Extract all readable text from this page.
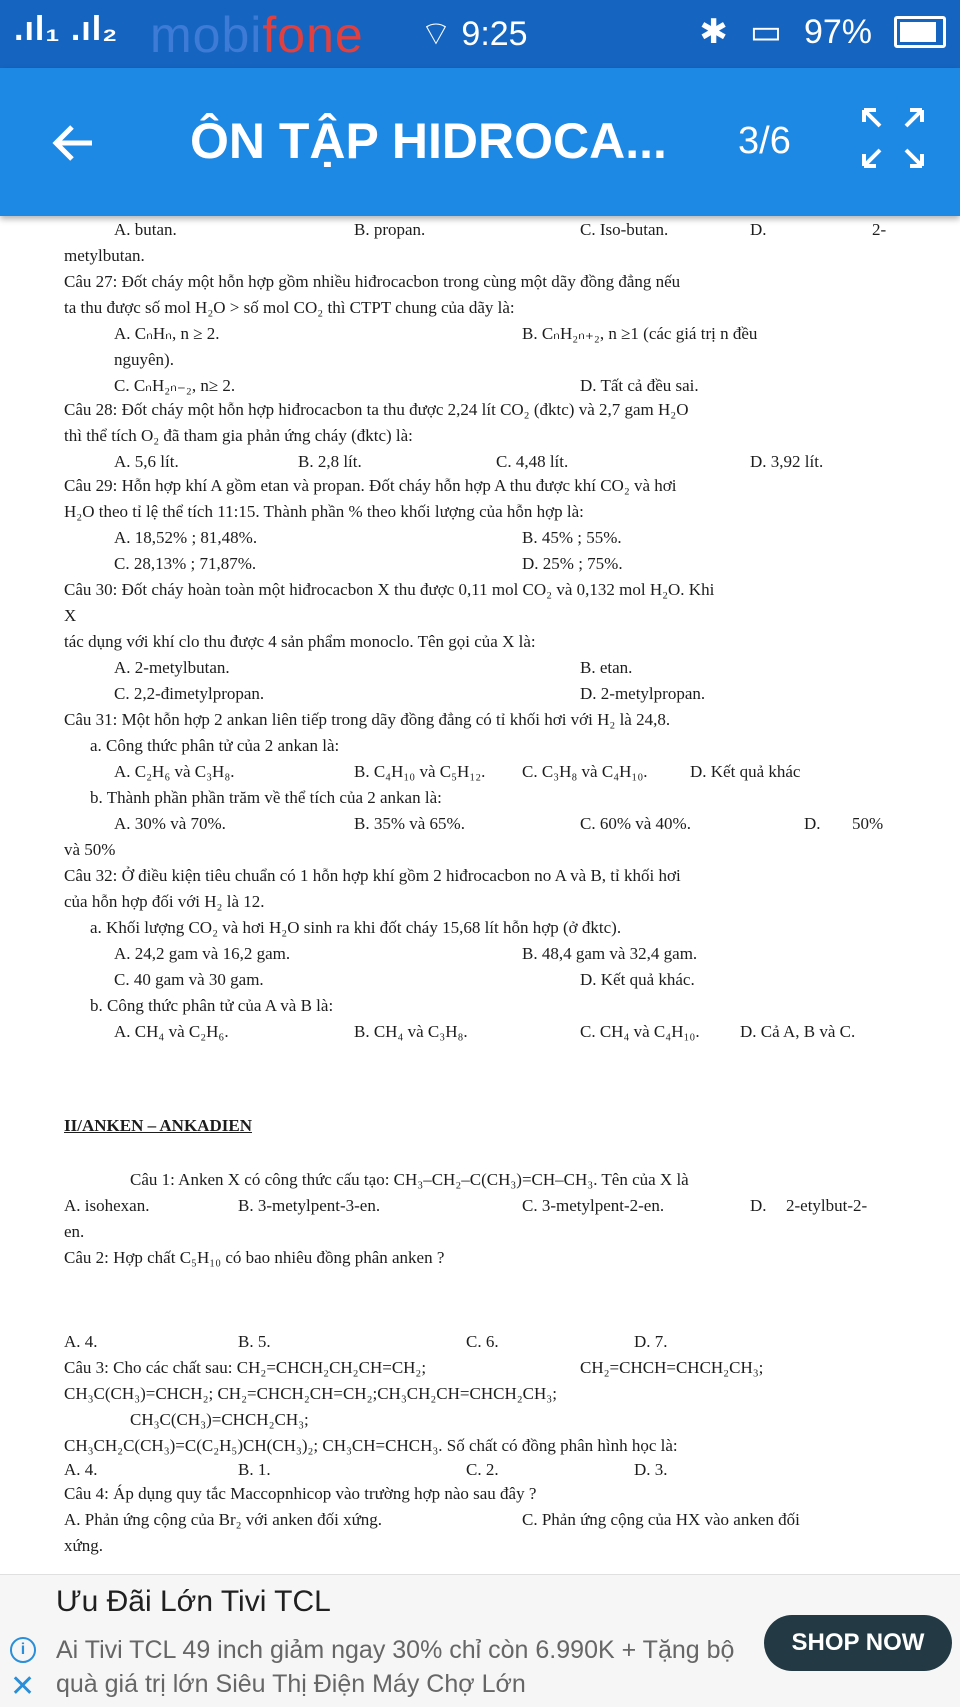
.ıl₁ .ıl₂ mobifone ⌔ 9:25	✱ ▭ 97%
ÔN TẬP HIDROCA... 3/6
A. butan.	B. propan.	C. Iso-butan.	D.	2-
metylbutan.
Câu 27: Đốt cháy một hỗn hợp gồm nhiều hiđrocacbon trong cùng một dãy đồng đẳng nếu
ta thu được số mol H₂O > số mol CO₂ thì CTPT chung của dãy là:
A. CₙHₙ, n ≥ 2.	B. CₙH₂ₙ₊₂, n ≥1 (các giá trị n đều
nguyên).
C. CₙH₂ₙ₋₂, n≥ 2.	D. Tất cả đều sai.
Câu 28: Đốt cháy một hỗn hợp hiđrocacbon ta thu được 2,24 lít CO₂ (đktc) và 2,7 gam H₂O
thì thể tích O₂ đã tham gia phản ứng cháy (đktc) là:
A. 5,6 lít.	B. 2,8 lít.	C. 4,48 lít.	D. 3,92 lít.
Câu 29: Hỗn hợp khí A gồm etan và propan. Đốt cháy hỗn hợp A thu được khí CO₂ và hơi
H₂O theo tỉ lệ thể tích 11:15. Thành phần % theo khối lượng của hỗn hợp là:
A. 18,52% ; 81,48%.	B. 45% ; 55%.
C. 28,13% ; 71,87%.	D. 25% ; 75%.
Câu 30: Đốt cháy hoàn toàn một hiđrocacbon X thu được 0,11 mol CO₂ và 0,132 mol H₂O. Khi
X
tác dụng với khí clo thu được 4 sản phẩm monoclo. Tên gọi của X là:
A. 2-metylbutan.	B. etan.
C. 2,2-đimetylpropan.	D. 2-metylpropan.
Câu 31: Một hỗn hợp 2 ankan liên tiếp trong dãy đồng đẳng có tỉ khối hơi với H₂ là 24,8.
a. Công thức phân tử của 2 ankan là:
A. C₂H₆ và C₃H₈.	B. C₄H₁₀ và C₅H₁₂. C. C₃H₈ và C₄H₁₀.	D. Kết quả khác
b. Thành phần phần trăm về thể tích của 2 ankan là:
A. 30% và 70%.	B. 35% và 65%.	C. 60% và 40%.	D. 50%
và 50%
Câu 32: Ở điều kiện tiêu chuẩn có 1 hỗn hợp khí gồm 2 hiđrocacbon no A và B, tỉ khối hơi
của hỗn hợp đối với H₂ là 12.
a. Khối lượng CO₂ và hơi H₂O sinh ra khi đốt cháy 15,68 lít hỗn hợp (ở đktc).
A. 24,2 gam và 16,2 gam.	B. 48,4 gam và 32,4 gam.
C. 40 gam và 30 gam.	D. Kết quả khác.
b. Công thức phân tử của A và B là:
A. CH₄ và C₂H₆.	B. CH₄ và C₃H₈.	C. CH₄ và C₄H₁₀. D. Cả A, B và C.
II/ANKEN – ANKADIEN
Câu 1: Anken X có công thức cấu tạo: CH₃–CH₂–C(CH₃)=CH–CH₃. Tên của X là
A. isohexan.	B. 3-metylpent-3-en.	C. 3-metylpent-2-en.	D. 2-etylbut-2-
en.
Câu 2: Hợp chất C₅H₁₀ có bao nhiêu đồng phân anken ?
A. 4.	B. 5.	C. 6.	D. 7.
Câu 3: Cho các chất sau: CH₂=CHCH₂CH₂CH=CH₂;	CH₂=CHCH=CHCH₂CH₃;
CH₃C(CH₃)=CHCH₂; CH₂=CHCH₂CH=CH₂;CH₃CH₂CH=CHCH₂CH₃;
CH₃C(CH₃)=CHCH₂CH₃;
CH₃CH₂C(CH₃)=C(C₂H₅)CH(CH₃)₂; CH₃CH=CHCH₃. Số chất có đồng phân hình học là:
A. 4.	B. 1.	C. 2.	D. 3.
Câu 4: Áp dụng quy tắc Maccopnhicop vào trường hợp nào sau đây ?
A. Phản ứng cộng của Br₂ với anken đối xứng.	C. Phản ứng cộng của HX vào anken đối
xứng.
i
✕
Ưu Đãi Lớn Tivi TCL
Ai Tivi TCL 49 inch giảm ngay 30% chỉ còn 6.990K + Tặng bộ quà giá trị lớn Siêu Thị Điện Máy Chợ Lớn
SHOP NOW
